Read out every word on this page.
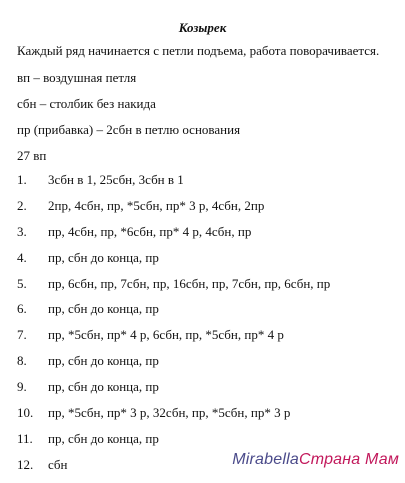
Козырек
Каждый ряд начинается с петли подъема, работа поворачивается.
вп – воздушная петля
сбн – столбик без накида
пр (прибавка) – 2сбн в петлю основания
27 вп
1. 3сбн в 1, 25сбн, 3сбн в 1
2. 2пр, 4сбн, пр, *5сбн, пр* 3 р, 4сбн, 2пр
3. пр, 4сбн, пр, *6сбн, пр* 4 р, 4сбн, пр
4. пр, сбн до конца, пр
5. пр, 6сбн, пр, 7сбн, пр, 16сбн, пр, 7сбн, пр, 6сбн, пр
6. пр, сбн до конца, пр
7. пр, *5сбн, пр* 4 р, 6сбн, пр, *5сбн, пр* 4 р
8. пр, сбн до конца, пр
9. пр, сбн до конца, пр
10. пр, *5сбн, пр* 3 р, 32сбн, пр, *5сбн, пр* 3 р
11. пр, сбн до конца, пр
12. сбн	MirabellaСтрана Мам
